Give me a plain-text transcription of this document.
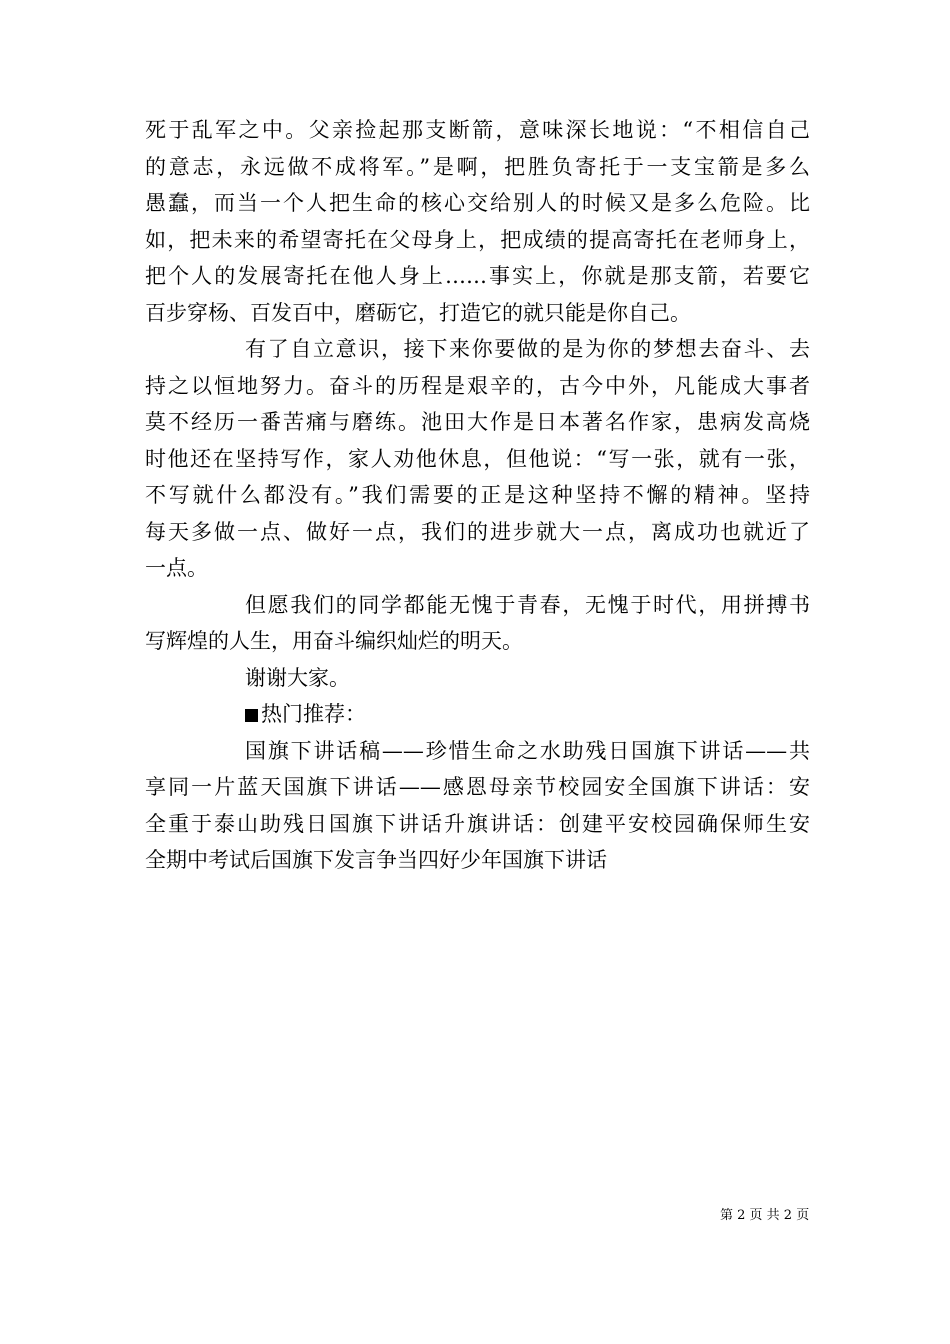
死于乱军之中。父亲捡起那支断箭，意味深长地说：“不相信自己
的意志，永远做不成将军。”是啊，把胜负寄托于一支宝箭是多么
愚蠢，而当一个人把生命的核心交给别人的时候又是多么危险。比
如，把未来的希望寄托在父母身上，把成绩的提高寄托在老师身上，
把个人的发展寄托在他人身上……事实上，你就是那支箭，若要它
百步穿杨、百发百中，磨砺它，打造它的就只能是你自己。
有了自立意识，接下来你要做的是为你的梦想去奋斗、去
持之以恒地努力。奋斗的历程是艰辛的，古今中外，凡能成大事者
莫不经历一番苦痛与磨练。池田大作是日本著名作家，患病发高烧
时他还在坚持写作，家人劝他休息，但他说：“写一张，就有一张，
不写就什么都没有。”我们需要的正是这种坚持不懈的精神。坚持
每天多做一点、做好一点，我们的进步就大一点，离成功也就近了
一点。
但愿我们的同学都能无愧于青春，无愧于时代，用拼搏书
写辉煌的人生，用奋斗编织灿烂的明天。
谢谢大家。
热门推荐：
国旗下讲话稿——珍惜生命之水助残日国旗下讲话——共
享同一片蓝天国旗下讲话——感恩母亲节校园安全国旗下讲话：安
全重于泰山助残日国旗下讲话升旗讲话：创建平安校园确保师生安
全期中考试后国旗下发言争当四好少年国旗下讲话
第 2 页 共 2 页
